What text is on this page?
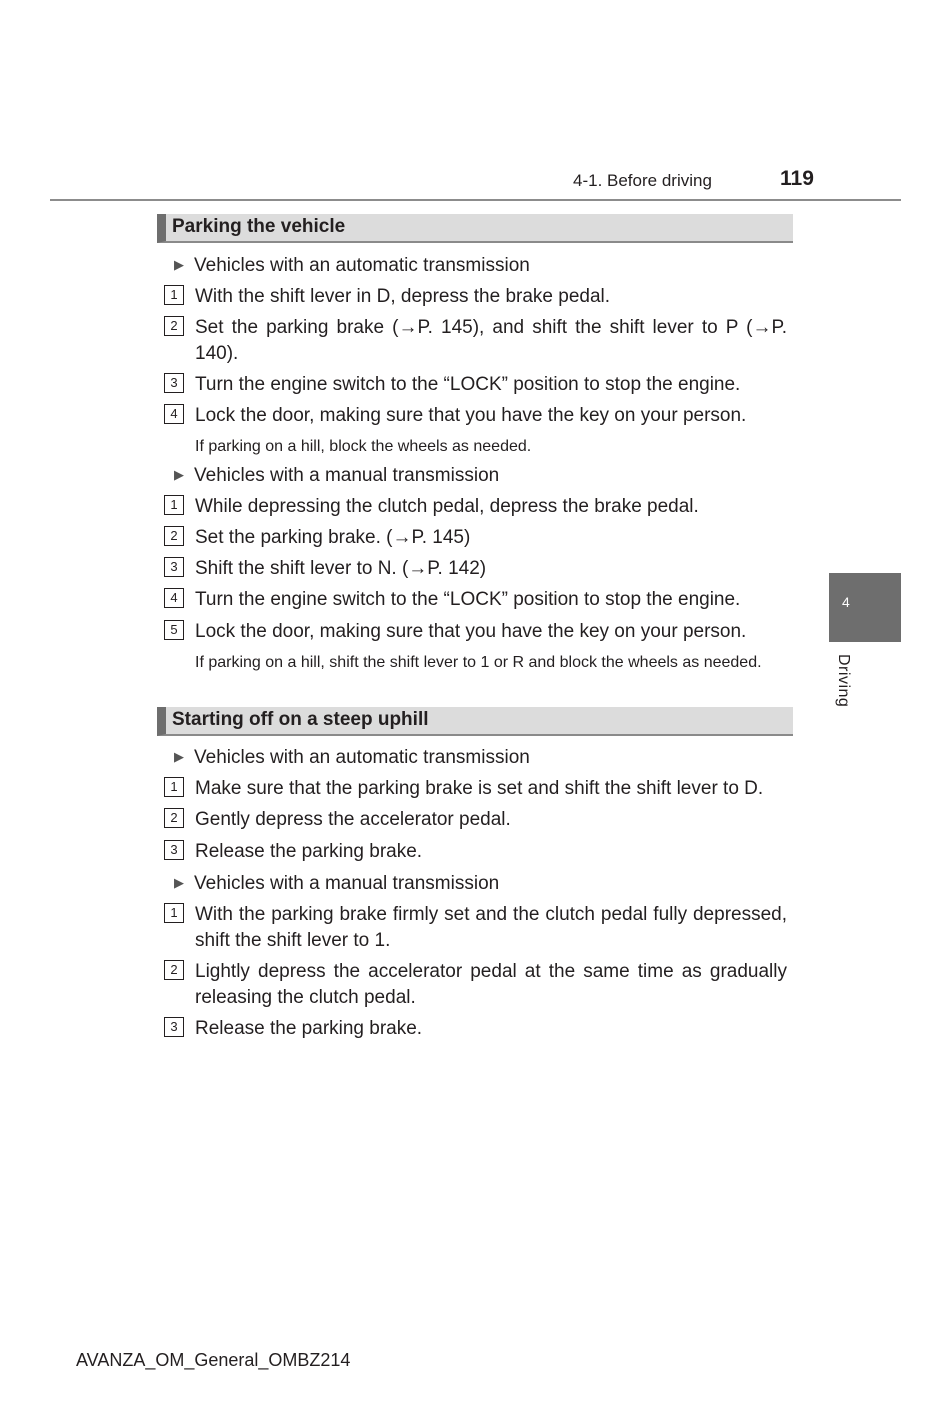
4-1. Before driving	119
Parking the vehicle
▶ Vehicles with an automatic transmission
1 With the shift lever in D, depress the brake pedal.
2 Set the parking brake (→P. 145), and shift the shift lever to P (→P. 140).
3 Turn the engine switch to the “LOCK” position to stop the engine.
4 Lock the door, making sure that you have the key on your person.
If parking on a hill, block the wheels as needed.
▶ Vehicles with a manual transmission
1 While depressing the clutch pedal, depress the brake pedal.
2 Set the parking brake. (→P. 145)
3 Shift the shift lever to N. (→P. 142)
4 Turn the engine switch to the “LOCK” position to stop the engine.
5 Lock the door, making sure that you have the key on your person.
If parking on a hill, shift the shift lever to 1 or R and block the wheels as needed.
Starting off on a steep uphill
▶ Vehicles with an automatic transmission
1 Make sure that the parking brake is set and shift the shift lever to D.
2 Gently depress the accelerator pedal.
3 Release the parking brake.
▶ Vehicles with a manual transmission
1 With the parking brake firmly set and the clutch pedal fully depressed, shift the shift lever to 1.
2 Lightly depress the accelerator pedal at the same time as gradually releasing the clutch pedal.
3 Release the parking brake.
4
Driving
AVANZA_OM_General_OMBZ214
